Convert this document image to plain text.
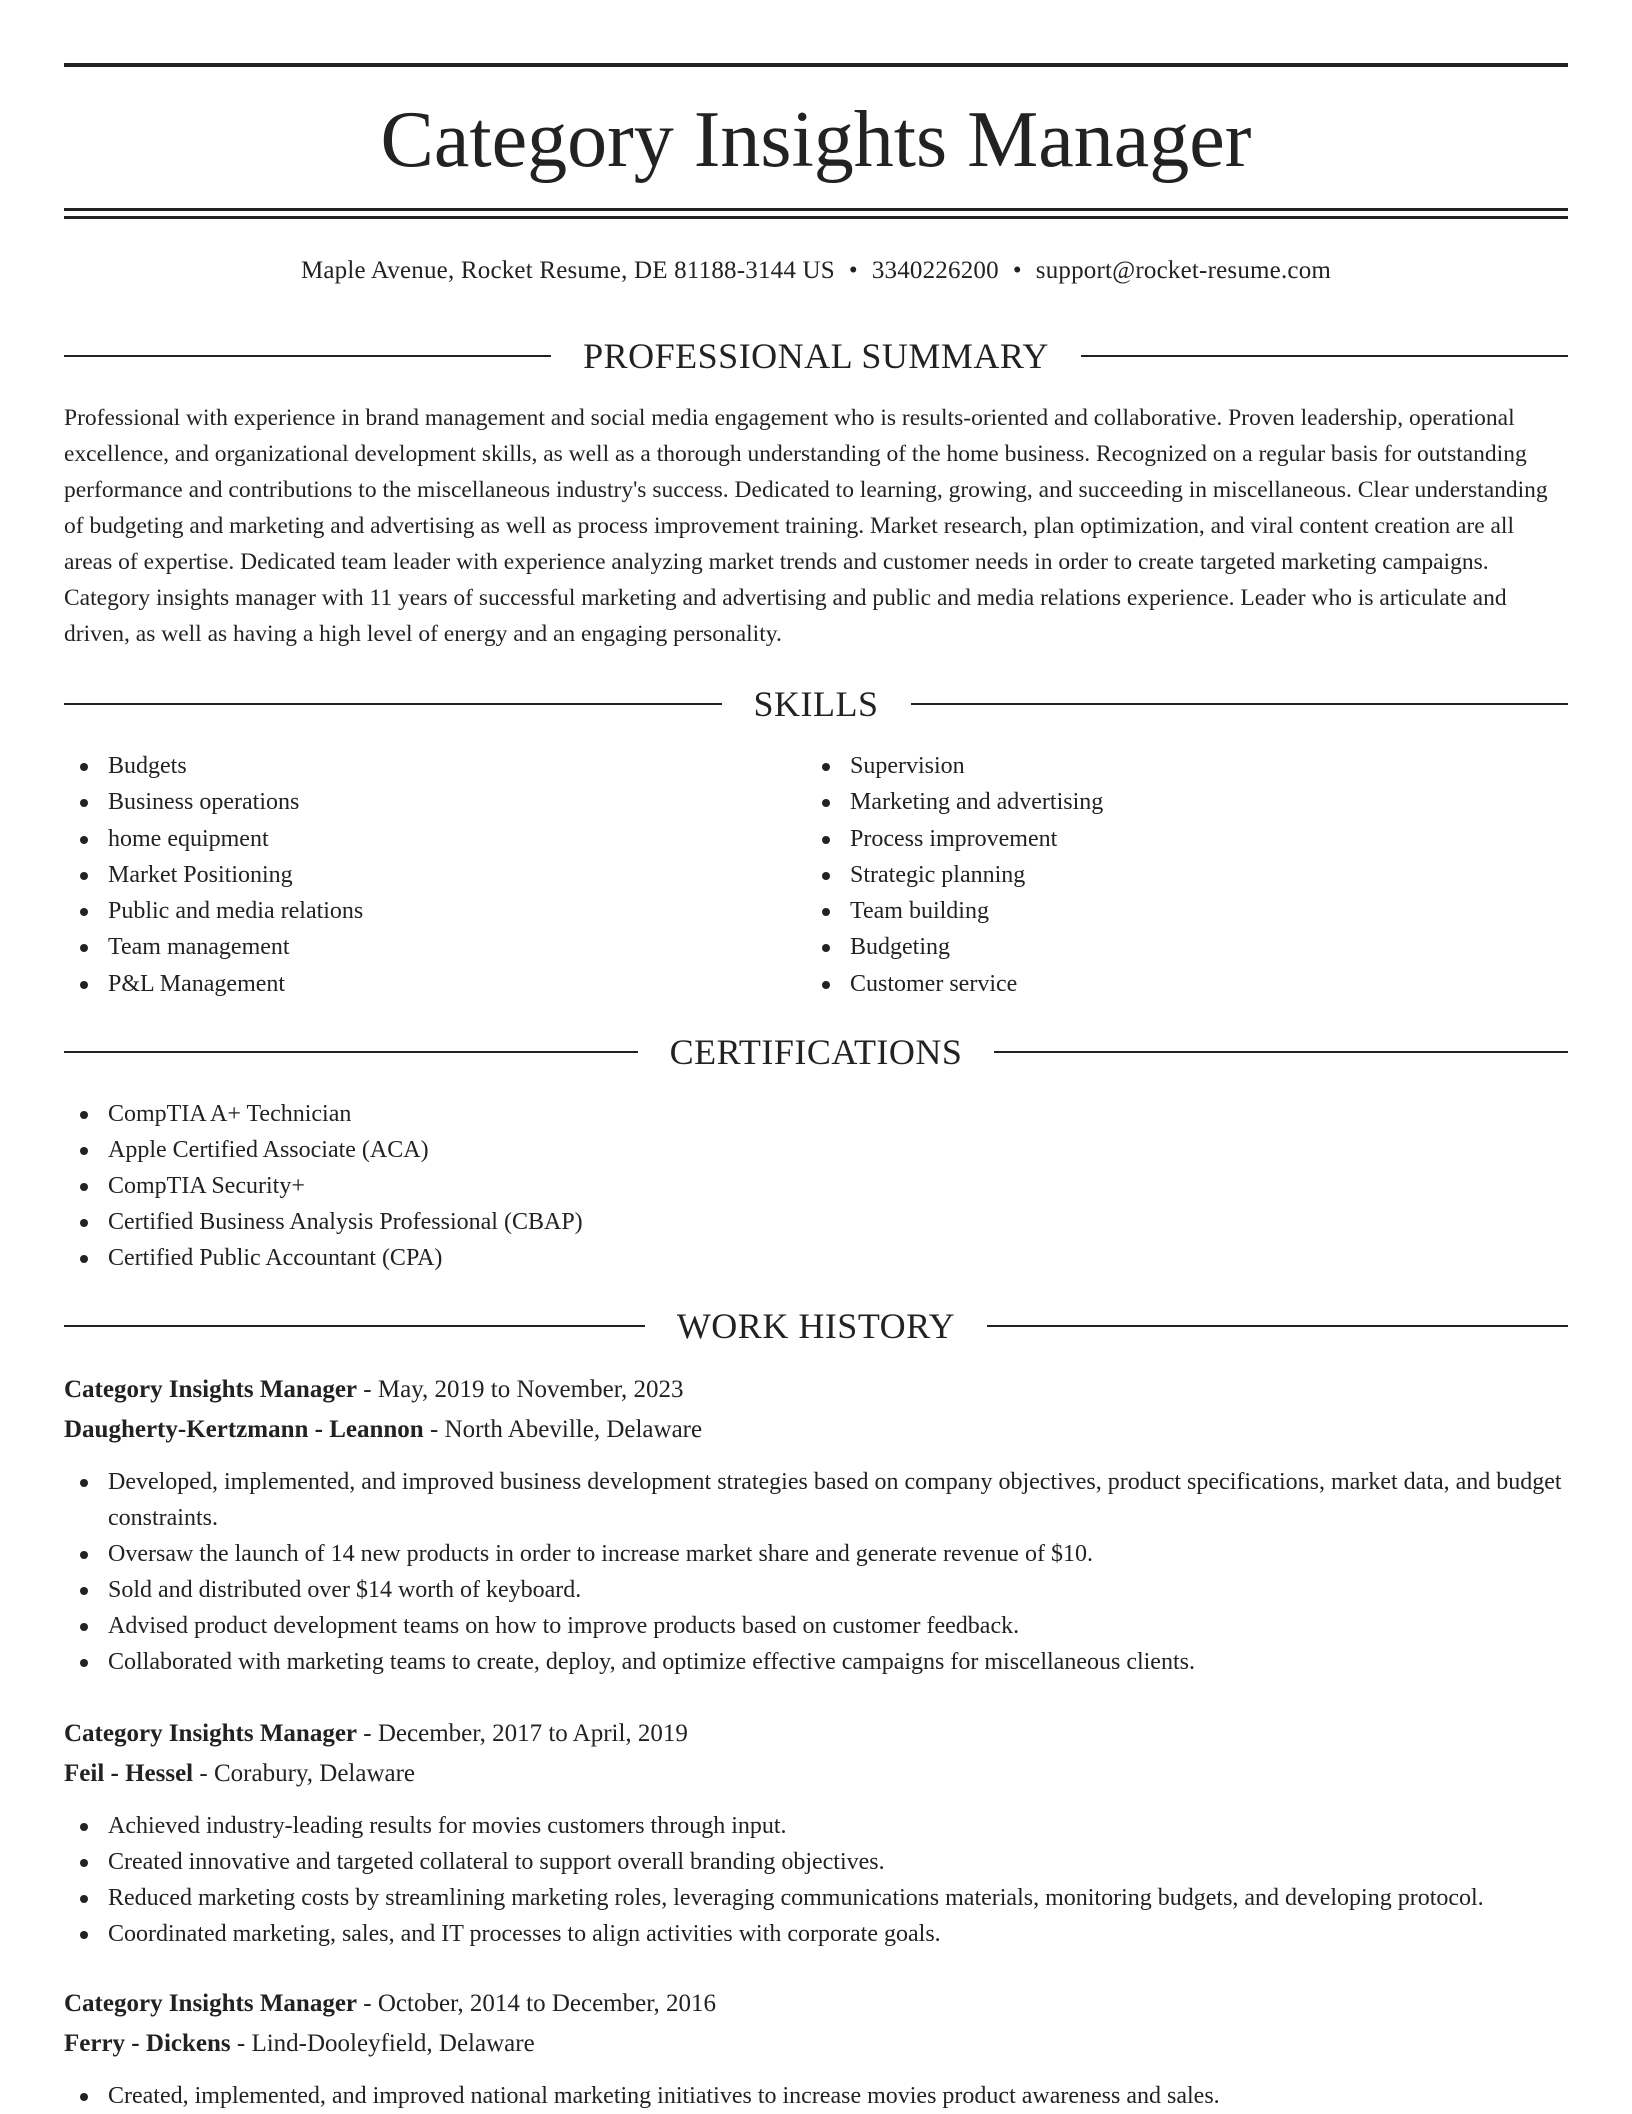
Category Insights Manager
Maple Avenue, Rocket Resume, DE 81188-3144 US • 3340226200 • support@rocket-resume.com
PROFESSIONAL SUMMARY

Professional with experience in brand management and social media engagement who is results-oriented and collaborative. Proven leadership, operational excellence, and organizational development skills, as well as a thorough understanding of the home business. Recognized on a regular basis for outstanding performance and contributions to the miscellaneous industry's success. Dedicated to learning, growing, and succeeding in miscellaneous. Clear understanding of budgeting and marketing and advertising as well as process improvement training. Market research, plan optimization, and viral content creation are all areas of expertise. Dedicated team leader with experience analyzing market trends and customer needs in order to create targeted marketing campaigns. Category insights manager with 11 years of successful marketing and advertising and public and media relations experience. Leader who is articulate and driven, as well as having a high level of energy and an engaging personality.

SKILLS
Budgets
Business operations
home equipment
Market Positioning
Public and media relations
Team management
P&L Management
Supervision
Marketing and advertising
Process improvement
Strategic planning
Team building
Budgeting
Customer service
CERTIFICATIONS
CompTIA A+ Technician
Apple Certified Associate (ACA)
CompTIA Security+
Certified Business Analysis Professional (CBAP)
Certified Public Accountant (CPA)
WORK HISTORY
Category Insights Manager - May, 2019 to November, 2023
Daugherty-Kertzmann - Leannon - North Abeville, Delaware
Developed, implemented, and improved business development strategies based on company objectives, product specifications, market data, and budget constraints.
Oversaw the launch of 14 new products in order to increase market share and generate revenue of $10.
Sold and distributed over $14 worth of keyboard.
Advised product development teams on how to improve products based on customer feedback.
Collaborated with marketing teams to create, deploy, and optimize effective campaigns for miscellaneous clients.
Category Insights Manager - December, 2017 to April, 2019
Feil - Hessel - Corabury, Delaware
Achieved industry-leading results for movies customers through input.
Created innovative and targeted collateral to support overall branding objectives.
Reduced marketing costs by streamlining marketing roles, leveraging communications materials, monitoring budgets, and developing protocol.
Coordinated marketing, sales, and IT processes to align activities with corporate goals.
Category Insights Manager - October, 2014 to December, 2016
Ferry - Dickens - Lind-Dooleyfield, Delaware
Created, implemented, and improved national marketing initiatives to increase movies product awareness and sales.
